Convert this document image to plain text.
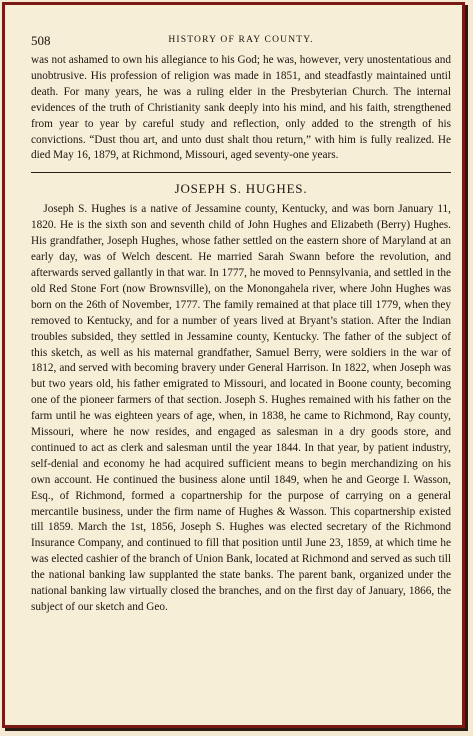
508	HISTORY OF RAY COUNTY.

was not ashamed to own his allegiance to his God; he was, however, very unostentatious and unobtrusive. His profession of religion was made in 1851, and steadfastly maintained until death. For many years, he was a ruling elder in the Presbyterian Church. The internal evidences of the truth of Christianity sank deeply into his mind, and his faith, strengthened from year to year by careful study and reflection, only added to the strength of his convictions. “Dust thou art, and unto dust shalt thou return,” with him is fully realized. He died May 16, 1879, at Richmond, Missouri, aged seventy-one years.

JOSEPH S. HUGHES.

Joseph S. Hughes is a native of Jessamine county, Kentucky, and was born January 11, 1820. He is the sixth son and seventh child of John Hughes and Elizabeth (Berry) Hughes. His grandfather, Joseph Hughes, whose father settled on the eastern shore of Maryland at an early day, was of Welch descent. He married Sarah Swann before the revolution, and afterwards served gallantly in that war. In 1777, he moved to Pennsylvania, and settled in the old Red Stone Fort (now Brownsville), on the Monongahela river, where John Hughes was born on the 26th of November, 1777. The family remained at that place till 1779, when they removed to Kentucky, and for a number of years lived at Bryant’s station. After the Indian troubles subsided, they settled in Jessamine county, Kentucky. The father of the subject of this sketch, as well as his maternal grandfather, Samuel Berry, were soldiers in the war of 1812, and served with becoming bravery under General Harrison. In 1822, when Joseph was but two years old, his father emigrated to Missouri, and located in Boone county, becoming one of the pioneer farmers of that section. Joseph S. Hughes remained with his father on the farm until he was eighteen years of age, when, in 1838, he came to Richmond, Ray county, Missouri, where he now resides, and engaged as salesman in a dry goods store, and continued to act as clerk and salesman until the year 1844. In that year, by patient industry, self-denial and economy he had acquired sufficient means to begin merchandizing on his own account. He continued the business alone until 1849, when he and George I. Wasson, Esq., of Richmond, formed a copartnership for the purpose of carrying on a general mercantile business, under the firm name of Hughes & Wasson. This copartnership existed till 1859. March the 1st, 1856, Joseph S. Hughes was elected secretary of the Richmond Insurance Company, and continued to fill that position until June 23, 1859, at which time he was elected cashier of the branch of Union Bank, located at Richmond and served as such till the national banking law supplanted the state banks. The parent bank, organized under the national banking law virtually closed the branches, and on the first day of January, 1866, the subject of our sketch and Geo.
